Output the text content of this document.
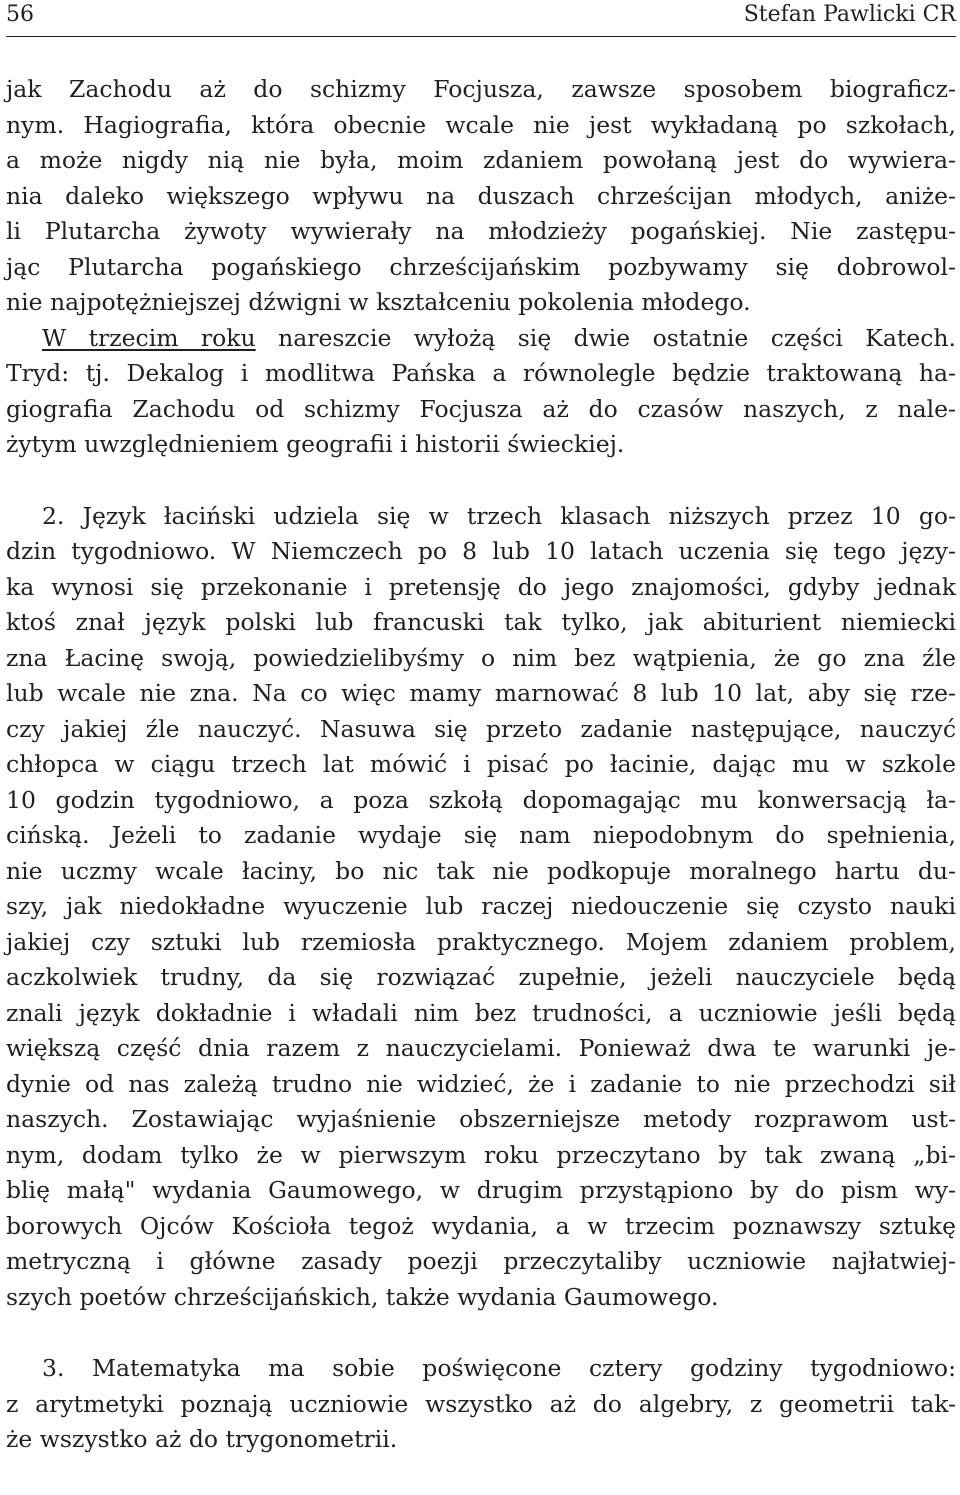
56	Stefan Pawlicki CR
jak Zachodu aż do schizmy Focjusza, zawsze sposobem biograficz-
nym. Hagiografia, która obecnie wcale nie jest wykładaną po szkołach,
a może nigdy nią nie była, moim zdaniem powołaną jest do wywiera-
nia daleko większego wpływu na duszach chrześcijan młodych, aniże-
li Plutarcha żywoty wywierały na młodzieży pogańskiej. Nie zastępu-
jąc Plutarcha pogańskiego chrześcijańskim pozbywamy się dobrowol-
nie najpotężniejszej dźwigni w kształceniu pokolenia młodego.
W trzecim roku nareszcie wyłożą się dwie ostatnie części Katech.
Tryd: tj. Dekalog i modlitwa Pańska a równolegle będzie traktowaną ha-
giografia Zachodu od schizmy Focjusza aż do czasów naszych, z nale-
żytym uwzględnieniem geografii i historii świeckiej.
2. Język łaciński udziela się w trzech klasach niższych przez 10 go-
dzin tygodniowo. W Niemczech po 8 lub 10 latach uczenia się tego języ-
ka wynosi się przekonanie i pretensję do jego znajomości, gdyby jednak
ktoś znał język polski lub francuski tak tylko, jak abiturient niemiecki
zna Łacinę swoją, powiedzielibyśmy o nim bez wątpienia, że go zna źle
lub wcale nie zna. Na co więc mamy marnować 8 lub 10 lat, aby się rze-
czy jakiej źle nauczyć. Nasuwa się przeto zadanie następujące, nauczyć
chłopca w ciągu trzech lat mówić i pisać po łacinie, dając mu w szkole
10 godzin tygodniowo, a poza szkołą dopomagając mu konwersacją ła-
cińską. Jeżeli to zadanie wydaje się nam niepodobnym do spełnienia,
nie uczmy wcale łaciny, bo nic tak nie podkopuje moralnego hartu du-
szy, jak niedokładne wyuczenie lub raczej niedouczenie się czysto nauki
jakiej czy sztuki lub rzemiosła praktycznego. Mojem zdaniem problem,
aczkolwiek trudny, da się rozwiązać zupełnie, jeżeli nauczyciele będą
znali język dokładnie i władali nim bez trudności, a uczniowie jeśli będą
większą część dnia razem z nauczycielami. Ponieważ dwa te warunki je-
dynie od nas zależą trudno nie widzieć, że i zadanie to nie przechodzi sił
naszych. Zostawiając wyjaśnienie obszerniejsze metody rozprawom ust-
nym, dodam tylko że w pierwszym roku przeczytano by tak zwaną „bi-
blię małą" wydania Gaumowego, w drugim przystąpiono by do pism wy-
borowych Ojców Kościoła tegoż wydania, a w trzecim poznawszy sztukę
metryczną i główne zasady poezji przeczytaliby uczniowie najłatwiej-
szych poetów chrześcijańskich, także wydania Gaumowego.
3. Matematyka ma sobie poświęcone cztery godziny tygodniowo:
z arytmetyki poznają uczniowie wszystko aż do algebry, z geometrii tak-
że wszystko aż do trygonometrii.
